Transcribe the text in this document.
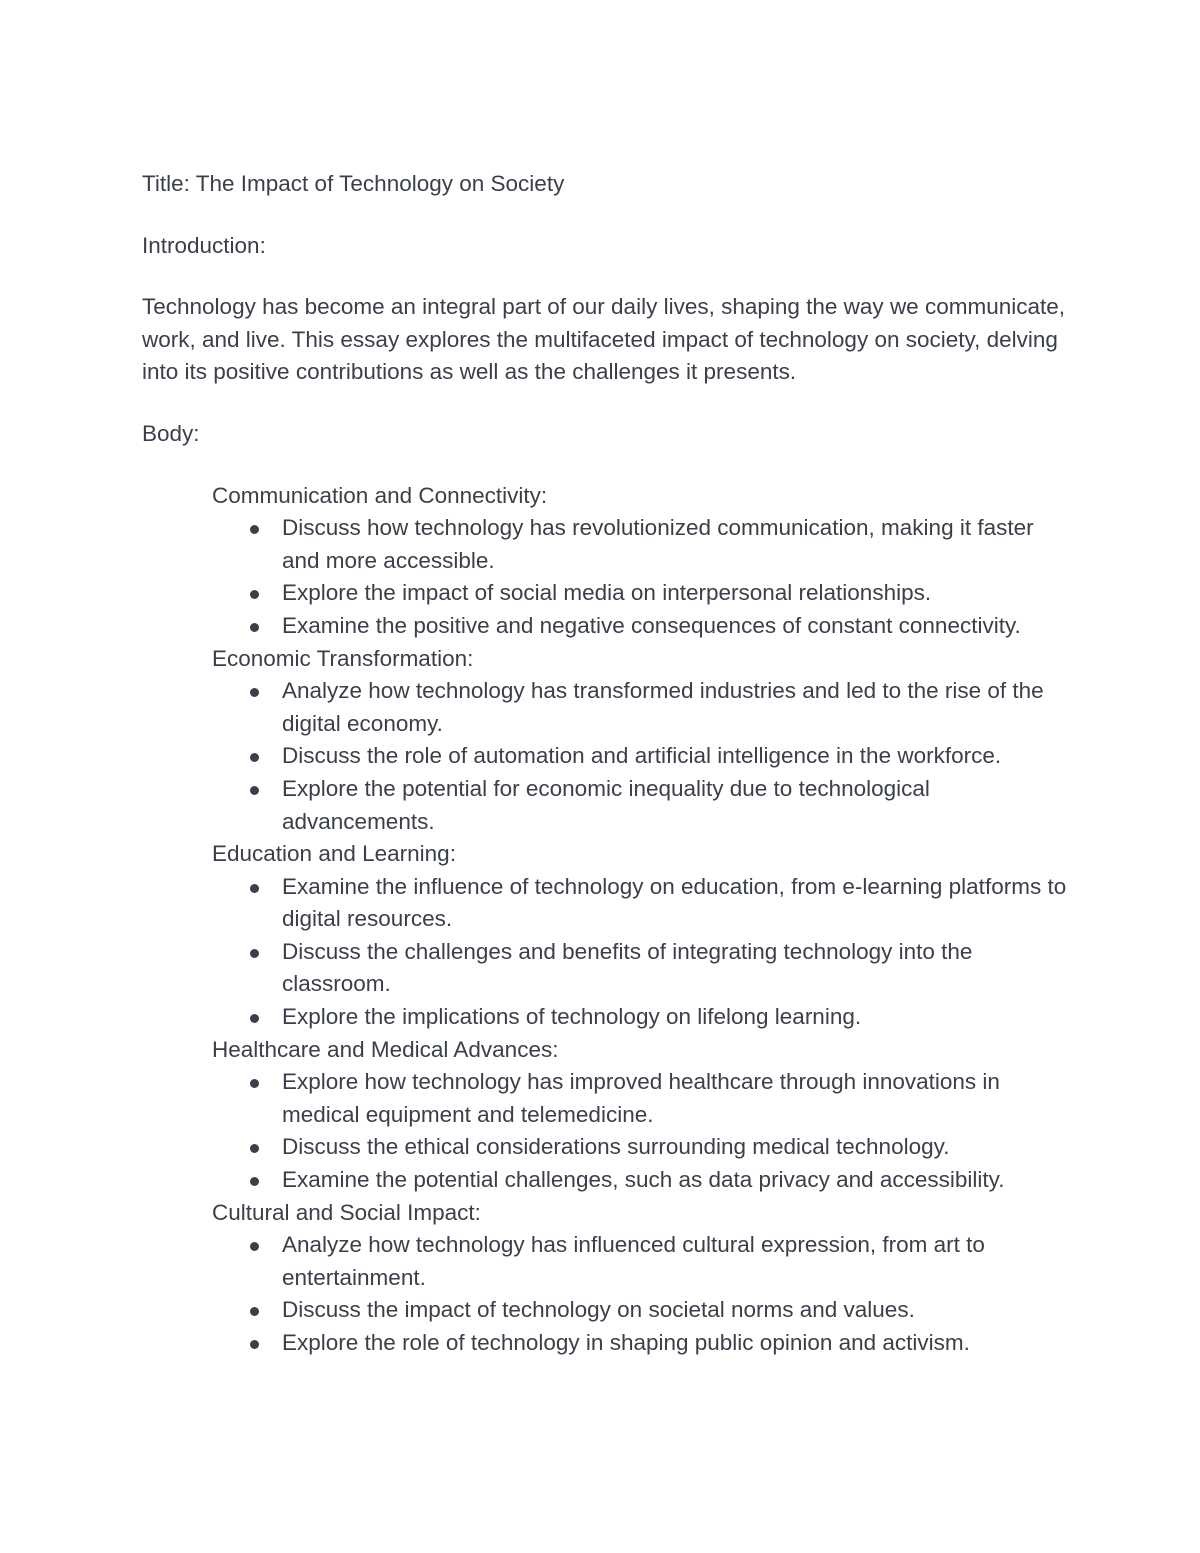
Title: The Impact of Technology on Society

Introduction:

Technology has become an integral part of our daily lives, shaping the way we communicate, work, and live. This essay explores the multifaceted impact of technology on society, delving into its positive contributions as well as the challenges it presents.

Body:

Communication and Connectivity:

Discuss how technology has revolutionized communication, making it faster and more accessible.
Explore the impact of social media on interpersonal relationships.
Examine the positive and negative consequences of constant connectivity.

Economic Transformation:

Analyze how technology has transformed industries and led to the rise of the digital economy.
Discuss the role of automation and artificial intelligence in the workforce.
Explore the potential for economic inequality due to technological advancements.

Education and Learning:

Examine the influence of technology on education, from e-learning platforms to digital resources.
Discuss the challenges and benefits of integrating technology into the classroom.
Explore the implications of technology on lifelong learning.

Healthcare and Medical Advances:

Explore how technology has improved healthcare through innovations in medical equipment and telemedicine.
Discuss the ethical considerations surrounding medical technology.
Examine the potential challenges, such as data privacy and accessibility.

Cultural and Social Impact:

Analyze how technology has influenced cultural expression, from art to entertainment.
Discuss the impact of technology on societal norms and values.
Explore the role of technology in shaping public opinion and activism.
